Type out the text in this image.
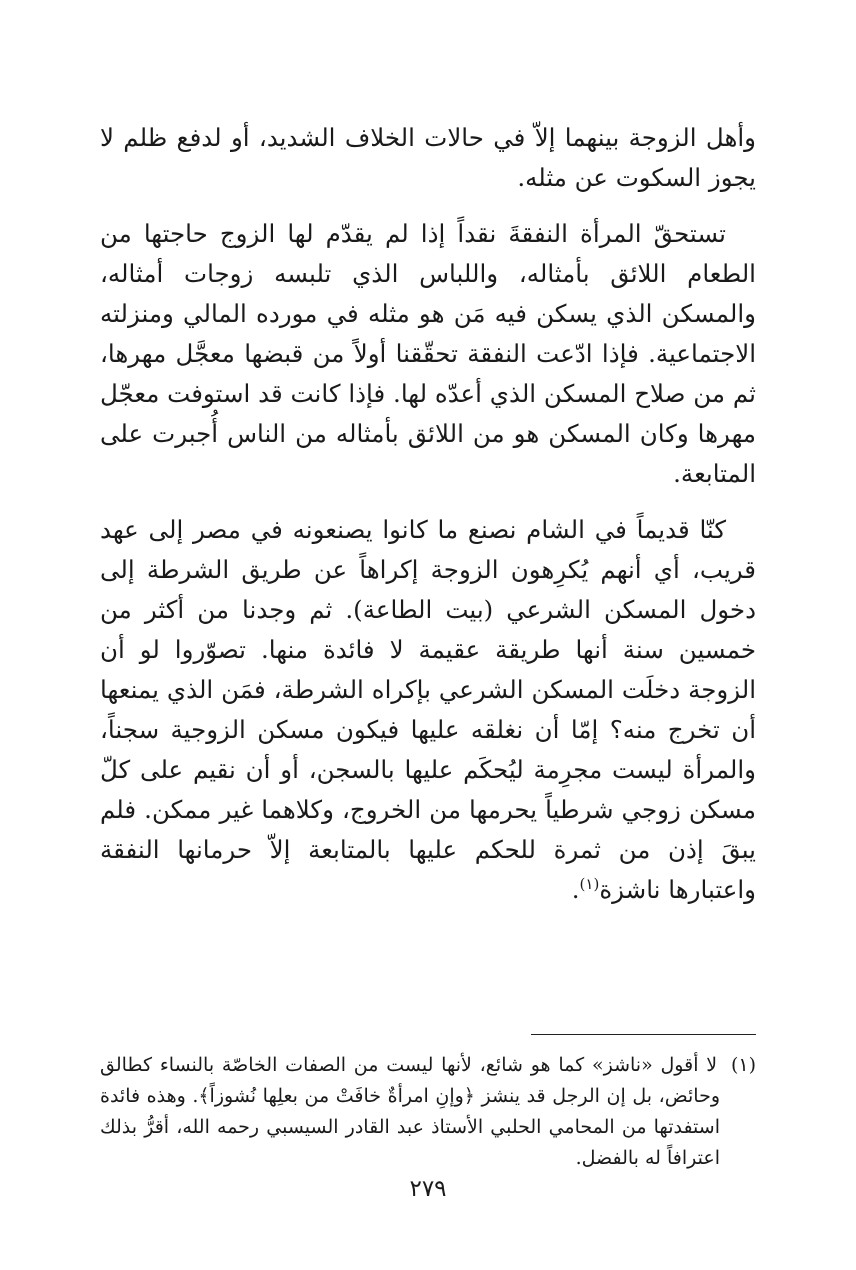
وأهل الزوجة بينهما إلاّ في حالات الخلاف الشديد، أو لدفع ظلم لا يجوز السكوت عن مثله.

تستحقّ المرأة النفقةَ نقداً إذا لم يقدّم لها الزوج حاجتها من الطعام اللائق بأمثاله، واللباس الذي تلبسه زوجات أمثاله، والمسكن الذي يسكن فيه مَن هو مثله في مورده المالي ومنزلته الاجتماعية. فإذا ادّعت النفقة تحقّقنا أولاً من قبضها معجَّل مهرها، ثم من صلاح المسكن الذي أعدّه لها. فإذا كانت قد استوفت معجّل مهرها وكان المسكن هو من اللائق بأمثاله من الناس أُجبرت على المتابعة.

كنّا قديماً في الشام نصنع ما كانوا يصنعونه في مصر إلى عهد قريب، أي أنهم يُكرِهون الزوجة إكراهاً عن طريق الشرطة إلى دخول المسكن الشرعي (بيت الطاعة). ثم وجدنا من أكثر من خمسين سنة أنها طريقة عقيمة لا فائدة منها. تصوّروا لو أن الزوجة دخلَت المسكن الشرعي بإكراه الشرطة، فمَن الذي يمنعها أن تخرج منه؟ إمّا أن نغلقه عليها فيكون مسكن الزوجية سجناً، والمرأة ليست مجرِمة ليُحكَم عليها بالسجن، أو أن نقيم على كلّ مسكن زوجي شرطياً يحرمها من الخروج، وكلاهما غير ممكن. فلم يبقَ إذن من ثمرة للحكم عليها بالمتابعة إلاّ حرمانها النفقة واعتبارها ناشزة$^{(١)}$.

(١) لا أقول «ناشز» كما هو شائع، لأنها ليست من الصفات الخاصّة بالنساء كطالق وحائض، بل إن الرجل قد ينشز ﴿وإنِ امرأةٌ خافَتْ من بعلِها نُشوزاً﴾. وهذه فائدة استفدتها من المحامي الحلبي الأستاذ عبد القادر السيسبي رحمه الله، أقرُّ بذلك اعترافاً له بالفضل.
٢٧٩
